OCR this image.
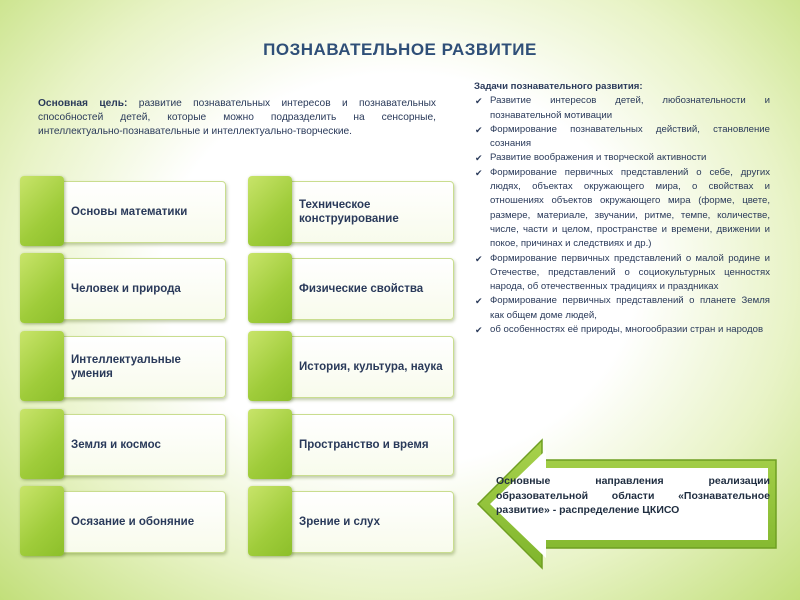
ПОЗНАВАТЕЛЬНОЕ РАЗВИТИЕ
Основная цель: развитие познавательных интересов и познавательных способностей детей, которые можно подразделить на сенсорные, интеллектуально-познавательные и интеллектуально-творческие.
Задачи познавательного развития:
✔ Развитие интересов детей, любознательности и познавательной мотивации
✔ Формирование познавательных действий, становление сознания
✔ Развитие воображения и творческой активности
✔ Формирование первичных представлений о себе, других людях, объектах окружающего мира, о свойствах и отношениях объектов окружающего мира (форме, цвете, размере, материале, звучании, ритме, темпе, количестве, числе, части и целом, пространстве и времени, движении и покое, причинах и следствиях и др.)
✔ Формирование первичных представлений о малой родине и Отечестве, представлений о социокультурных ценностях народа, об отечественных традициях и праздниках
✔ Формирование первичных представлений о планете Земля как общем доме людей,
✔ об особенностях её природы, многообразии стран и народов
Основы математики
Человек и природа
Интеллектуальные умения
Земля и космос
Осязание и обоняние
Техническое конструирование
Физические свойства
История, культура, наука
Пространство и время
Зрение и слух
Основные направления реализации образовательной области «Познавательное развитие» - распределение ЦКИСО
